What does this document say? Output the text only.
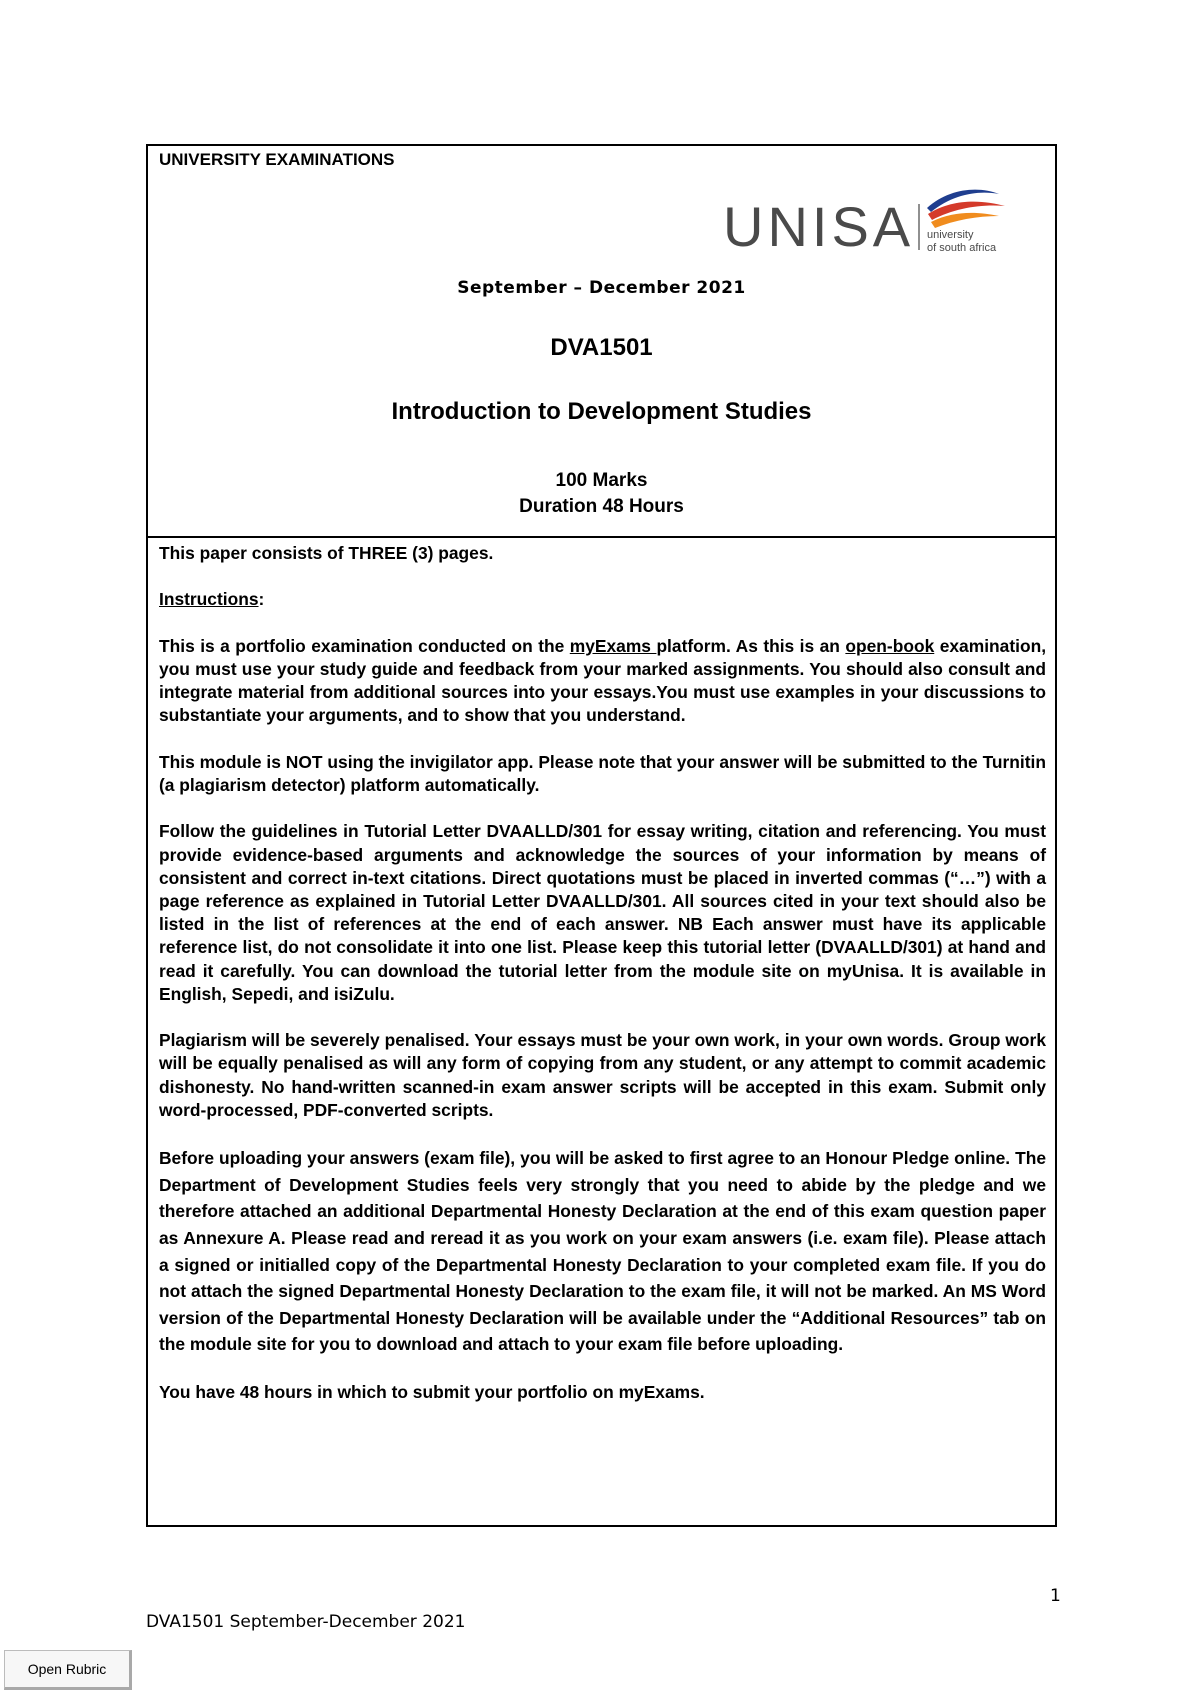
UNIVERSITY EXAMINATIONS
UNISA university
of south africa
September – December 2021
DVA1501
Introduction to Development Studies
100 Marks
Duration 48 Hours

This paper consists of THREE (3) pages.

Instructions:

This is a portfolio examination conducted on the myExams platform. As this is an open-book examination, you must use your study guide and feedback from your marked assignments. You should also consult and integrate material from additional sources into your essays.You must use examples in your discussions to substantiate your arguments, and to show that you understand.

This module is NOT using the invigilator app. Please note that your answer will be submitted to the Turnitin (a plagiarism detector) platform automatically.

Follow the guidelines in Tutorial Letter DVAALLD/301 for essay writing, citation and referencing. You must provide evidence-based arguments and acknowledge the sources of your information by means of consistent and correct in-text citations. Direct quotations must be placed in inverted commas (“…”) with a page reference as explained in Tutorial Letter DVAALLD/301. All sources cited in your text should also be listed in the list of references at the end of each answer. NB Each answer must have its applicable reference list, do not consolidate it into one list. Please keep this tutorial letter (DVAALLD/301) at hand and read it carefully. You can download the tutorial letter from the module site on myUnisa. It is available in English, Sepedi, and isiZulu.

Plagiarism will be severely penalised. Your essays must be your own work, in your own words. Group work will be equally penalised as will any form of copying from any student, or any attempt to commit academic dishonesty. No hand-written scanned-in exam answer scripts will be accepted in this exam. Submit only word-processed, PDF-converted scripts.

Before uploading your answers (exam file), you will be asked to first agree to an Honour Pledge online. The Department of Development Studies feels very strongly that you need to abide by the pledge and we therefore attached an additional Departmental Honesty Declaration at the end of this exam question paper as Annexure A. Please read and reread it as you work on your exam answers (i.e. exam file). Please attach a signed or initialled copy of the Departmental Honesty Declaration to your completed exam file. If you do not attach the signed Departmental Honesty Declaration to the exam file, it will not be marked. An MS Word version of the Departmental Honesty Declaration will be available under the “Additional Resources” tab on the module site for you to download and attach to your exam file before uploading.

You have 48 hours in which to submit your portfolio on myExams.

1
DVA1501 September-December 2021
Open Rubric
